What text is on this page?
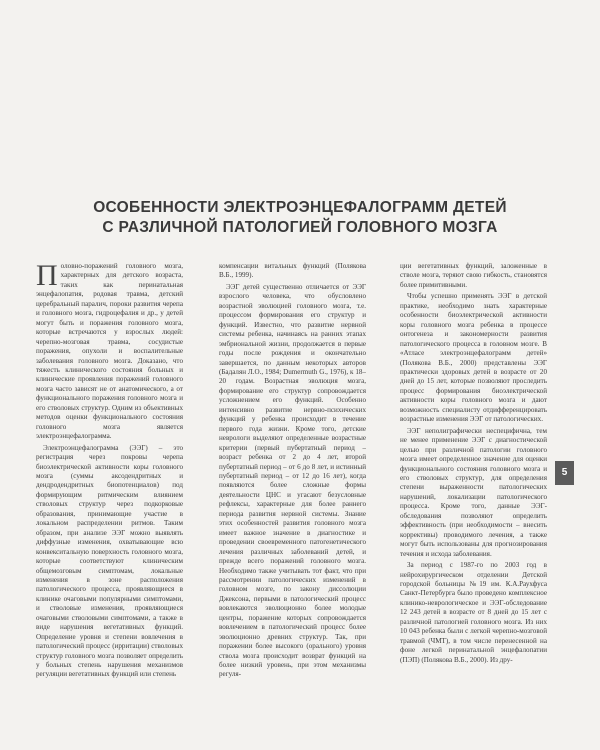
ОСОБЕННОСТИ ЭЛЕКТРОЭНЦЕФАЛОГРАММ ДЕТЕЙ
С РАЗЛИЧНОЙ ПАТОЛОГИЕЙ ГОЛОВНОГО МОЗГА

Половно-поражений головного мозга, характерных для детского возраста, таких как перинатальная энцефалопатия, родовая травма, детский церебральный паралич, пороки развития черепа и головного мозга, гидроцефалия и др., у детей могут быть и поражения головного мозга, которые встречаются у взрослых людей: черепно-мозговая травма, сосудистые поражения, опухоли и воспалительные заболевания головного мозга. Доказано, что тяжесть клинического состояния больных и клинические проявления поражений головного мозга часто зависят не от анатомического, а от функционального поражения головного мозга и его стволовых структур. Одним из объективных методов оценки функционального состояния головного мозга является электроэнцефалограмма.

Электроэнцефалограмма (ЭЭГ) – это регистрация через покровы черепа биоэлектрической активности коры головного мозга (суммы аксодендритных и дендродендритных биопотенциалов) под формирующим ритмическим влиянием стволовых структур через подкорковые образования, принимающие участие в локальном распределении ритмов. Таким образом, при анализе ЭЭГ можно выявлять диффузные изменения, охватывающие всю конвекситальную поверхность головного мозга, которые соответствуют клиническим общемозговым симптомам, локальные изменения в зоне расположения патологического процесса, проявляющиеся в клинике очаговыми популярными симптомами, и стволовые изменения, проявляющиеся очаговыми стволовыми симптомами, а также в виде нарушения вегетативных функций. Определение уровня и степени вовлечения в патологический процесс (ирритации) стволовых структур головного мозга позволяет определить у больных степень нарушения механизмов регуляции вегетативных функций или степень

компенсации витальных функций (Полякова В.Б., 1999).

ЭЭГ детей существенно отличается от ЭЭГ взрослого человека, что обусловлено возрастной эволюцией головного мозга, т.е. процессом формирования его структур и функций. Известно, что развитие нервной системы ребенка, начинаясь на ранних этапах эмбриональной жизни, продолжается в первые годы после рождения и окончательно завершается, по данным некоторых авторов (Бадалян Л.О., 1984; Dumermuth G., 1976), к 18–20 годам. Возрастная эволюция мозга, формирование его структур сопровождается усложнением его функций. Особенно интенсивно развитие нервно-психических функций у ребенка происходит в течение первого года жизни. Кроме того, детские неврологи выделяют определенные возрастные критерии (первый пубертатный период – возраст ребенка от 2 до 4 лет, второй пубертатный период – от 6 до 8 лет, и истинный пубертатный период – от 12 до 16 лет), когда появляются более сложные формы деятельности ЦНС и угасают безусловные рефлексы, характерные для более раннего периода развития нервной системы. Знание этих особенностей развития головного мозга имеет важное значение в диагностике и проведении своевременного патогенетического лечения различных заболеваний детей, и прежде всего поражений головного мозга. Необходимо также учитывать тот факт, что при рассмотрении патологических изменений в головном мозге, по закону диссолюции Джексона, первыми в патологический процесс вовлекаются эволюционно более молодые центры, поражение которых сопровождается вовлечением в патологический процесс более эволюционно древних структур. Так, при поражении более высокого (орального) уровня ствола мозга происходит возврат функций на более низкий уровень, при этом механизмы регуля-

ции вегетативных функций, заложенные в стволе мозга, теряют свою гибкость, становятся более примитивными.

Чтобы успешно применять ЭЭГ в детской практике, необходимо знать характерные особенности биоэлектрической активности коры головного мозга ребенка в процессе онтогенеза и закономерности развития патологического процесса в головном мозге. В «Атласе электроэнцефалограмм детей» (Полякова В.Б., 2000) представлены ЭЭГ практически здоровых детей в возрасте от 20 дней до 15 лет, которые позволяют проследить процесс формирования биоэлектрической активности коры головного мозга и дают возможность специалисту отдифференцировать возрастные изменения ЭЭГ от патологических.

ЭЭГ неполиграфически неспецифична, тем не менее применение ЭЭГ с диагностической целью при различной патологии головного мозга имеет определенное значение для оценки функционального состояния головного мозга и его стволовых структур, для определения степени выраженности патологических нарушений, локализации патологического процесса. Кроме того, данные ЭЭГ-обследования позволяют определить эффективность (при необходимости – внесить коррективы) проводимого лечения, а также могут быть использованы для прогнозирования течения и исхода заболевания.

За период с 1987-го по 2003 год в нейрохирургическом отделении Детской городской больницы №19 им. К.А.Раухфуса Санкт-Петербурга было проведено комплексное клинико-неврологическое и ЭЭГ-обследование 12 243 детей в возрасте от 8 дней до 15 лет с различной патологией головного мозга. Из них 10 043 ребенка были с легкой черепно-мозговой травмой (ЧМТ), в том числе перенесенной на фоне легкой перинатальной энцефалопатии (ПЭП) (Полякова В.Б., 2000). Из дру-

5
